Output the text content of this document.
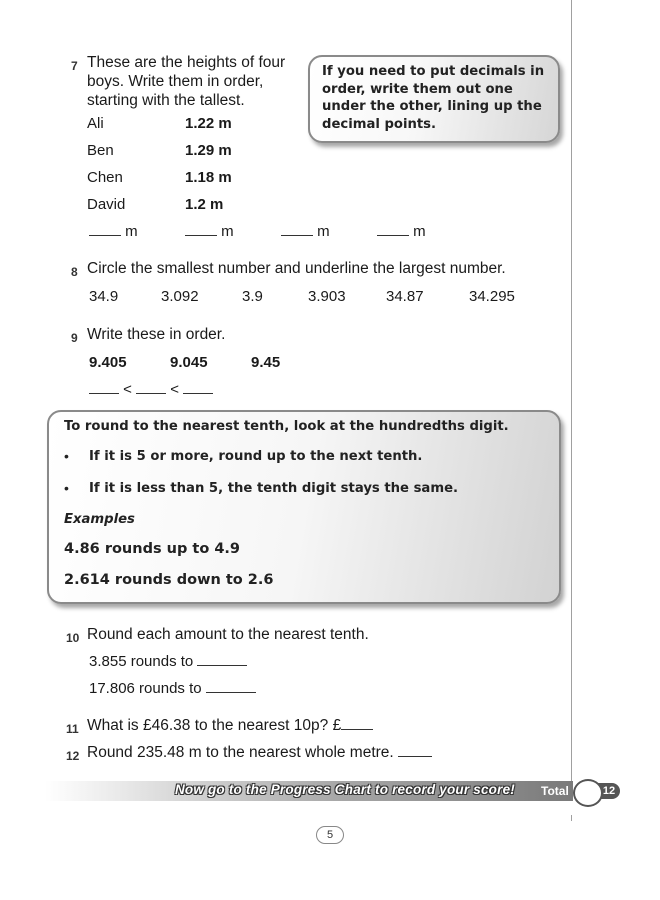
7 These are the heights of four boys. Write them in order, starting with the tallest.
Ali	1.22 m
Ben	1.29 m
Chen	1.18 m
David	1.2 m
m	m	m	m
If you need to put decimals in order, write them out one under the other, lining up the decimal points.
8 Circle the smallest number and underline the largest number.
34.9	3.092	3.9	3.903	34.87	34.295
9 Write these in order.
9.405	9.045	9.45
<	<
To round to the nearest tenth, look at the hundredths digit.
• If it is 5 or more, round up to the next tenth.
• If it is less than 5, the tenth digit stays the same.
Examples
4.86 rounds up to 4.9
2.614 rounds down to 2.6
10 Round each amount to the nearest tenth.
3.855 rounds to
17.806 rounds to
11 What is £46.38 to the nearest 10p? £
12 Round 235.48 m to the nearest whole metre.
Now go to the Progress Chart to record your score! Total	12
5
